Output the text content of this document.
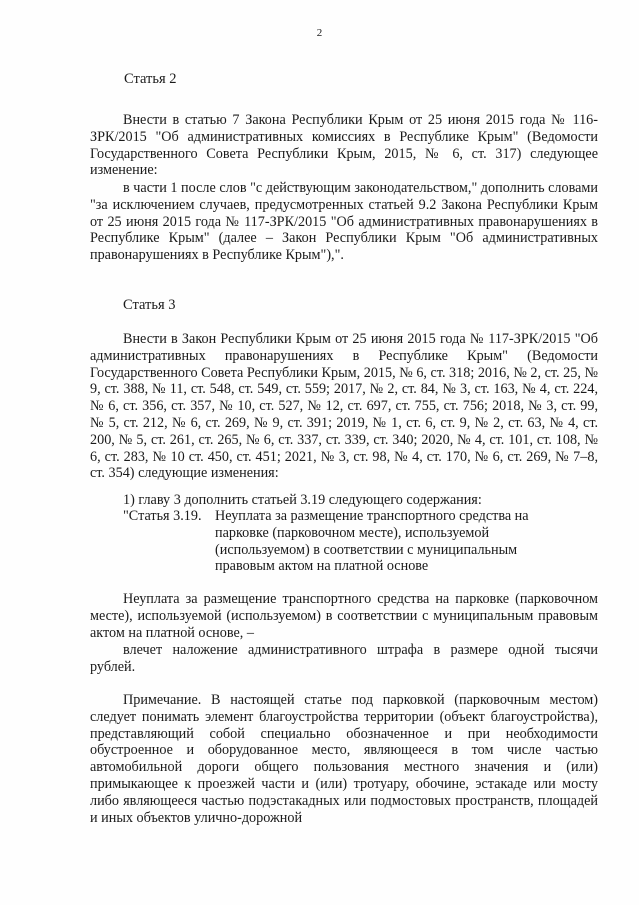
2
Статья 2

Внести в статью 7 Закона Республики Крым от 25 июня 2015 года № 116-ЗРК/2015 "Об административных комиссиях в Республике Крым" (Ведомости Государственного Совета Республики Крым, 2015, № 6, ст. 317) следующее изменение:

в части 1 после слов "с действующим законодательством," дополнить словами "за исключением случаев, предусмотренных статьей 9.2 Закона Республики Крым от 25 июня 2015 года № 117-ЗРК/2015 "Об административных правонарушениях в Республике Крым" (далее – Закон Республики Крым "Об административных правонарушениях в Республике Крым"),".

Статья 3

Внести в Закон Республики Крым от 25 июня 2015 года № 117-ЗРК/2015 "Об административных правонарушениях в Республике Крым" (Ведомости Государственного Совета Республики Крым, 2015, № 6, ст. 318; 2016, № 2, ст. 25, № 9, ст. 388, № 11, ст. 548, ст. 549, ст. 559; 2017, № 2, ст. 84, № 3, ст. 163, № 4, ст. 224, № 6, ст. 356, ст. 357, № 10, ст. 527, № 12, ст. 697, ст. 755, ст. 756; 2018, № 3, ст. 99, № 5, ст. 212, № 6, ст. 269, № 9, ст. 391; 2019, № 1, ст. 6, ст. 9, № 2, ст. 63, № 4, ст. 200, № 5, ст. 261, ст. 265, № 6, ст. 337, ст. 339, ст. 340; 2020, № 4, ст. 101, ст. 108, № 6, ст. 283, № 10 ст. 450, ст. 451; 2021, № 3, ст. 98, № 4, ст. 170, № 6, ст. 269, № 7–8, ст. 354) следующие изменения:

1) главу 3 дополнить статьей 3.19 следующего содержания:

"Статья 3.19. Неуплата за размещение транспортного средства на парковке (парковочном месте), используемой (используемом) в соответствии с муниципальным правовым актом на платной основе

Неуплата за размещение транспортного средства на парковке (парковочном месте), используемой (используемом) в соответствии с муниципальным правовым актом на платной основе, –

влечет наложение административного штрафа в размере одной тысячи рублей.

Примечание. В настоящей статье под парковкой (парковочным местом) следует понимать элемент благоустройства территории (объект благоустройства), представляющий собой специально обозначенное и при необходимости обустроенное и оборудованное место, являющееся в том числе частью автомобильной дороги общего пользования местного значения и (или) примыкающее к проезжей части и (или) тротуару, обочине, эстакаде или мосту либо являющееся частью подэстакадных или подмостовых пространств, площадей и иных объектов улично-дорожной
